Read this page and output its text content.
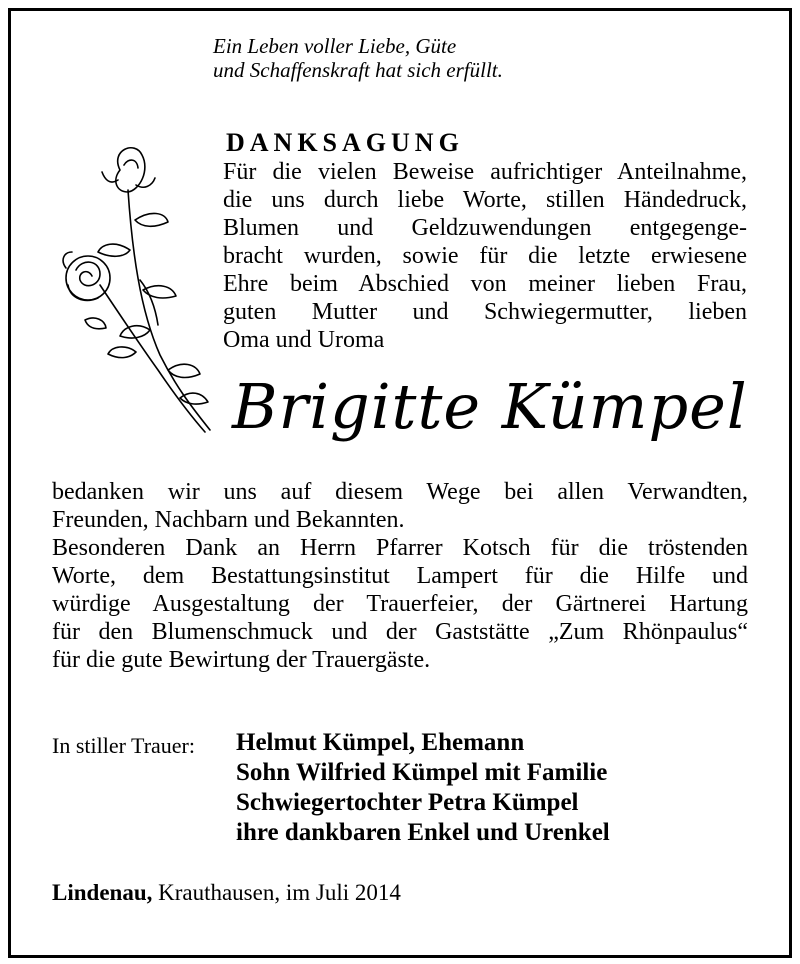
Ein Leben voller Liebe, Güte
und Schaffenskraft hat sich erfüllt.
DANKSAGUNG
Für die vielen Beweise aufrichtiger Anteilnahme,
die uns durch liebe Worte, stillen Händedruck,
Blumen und Geldzuwendungen entgegenge-
bracht wurden, sowie für die letzte erwiesene
Ehre beim Abschied von meiner lieben Frau,
guten Mutter und Schwiegermutter, lieben
Oma und Uroma
Brigitte Kümpel
bedanken wir uns auf diesem Wege bei allen Verwandten,
Freunden, Nachbarn und Bekannten.
Besonderen Dank an Herrn Pfarrer Kotsch für die tröstenden
Worte, dem Bestattungsinstitut Lampert für die Hilfe und
würdige Ausgestaltung der Trauerfeier, der Gärtnerei Hartung
für den Blumenschmuck und der Gaststätte „Zum Rhönpaulus“
für die gute Bewirtung der Trauergäste.
In stiller Trauer: Helmut Kümpel, Ehemann
Sohn Wilfried Kümpel mit Familie
Schwiegertochter Petra Kümpel
ihre dankbaren Enkel und Urenkel
Lindenau, Krauthausen, im Juli 2014
